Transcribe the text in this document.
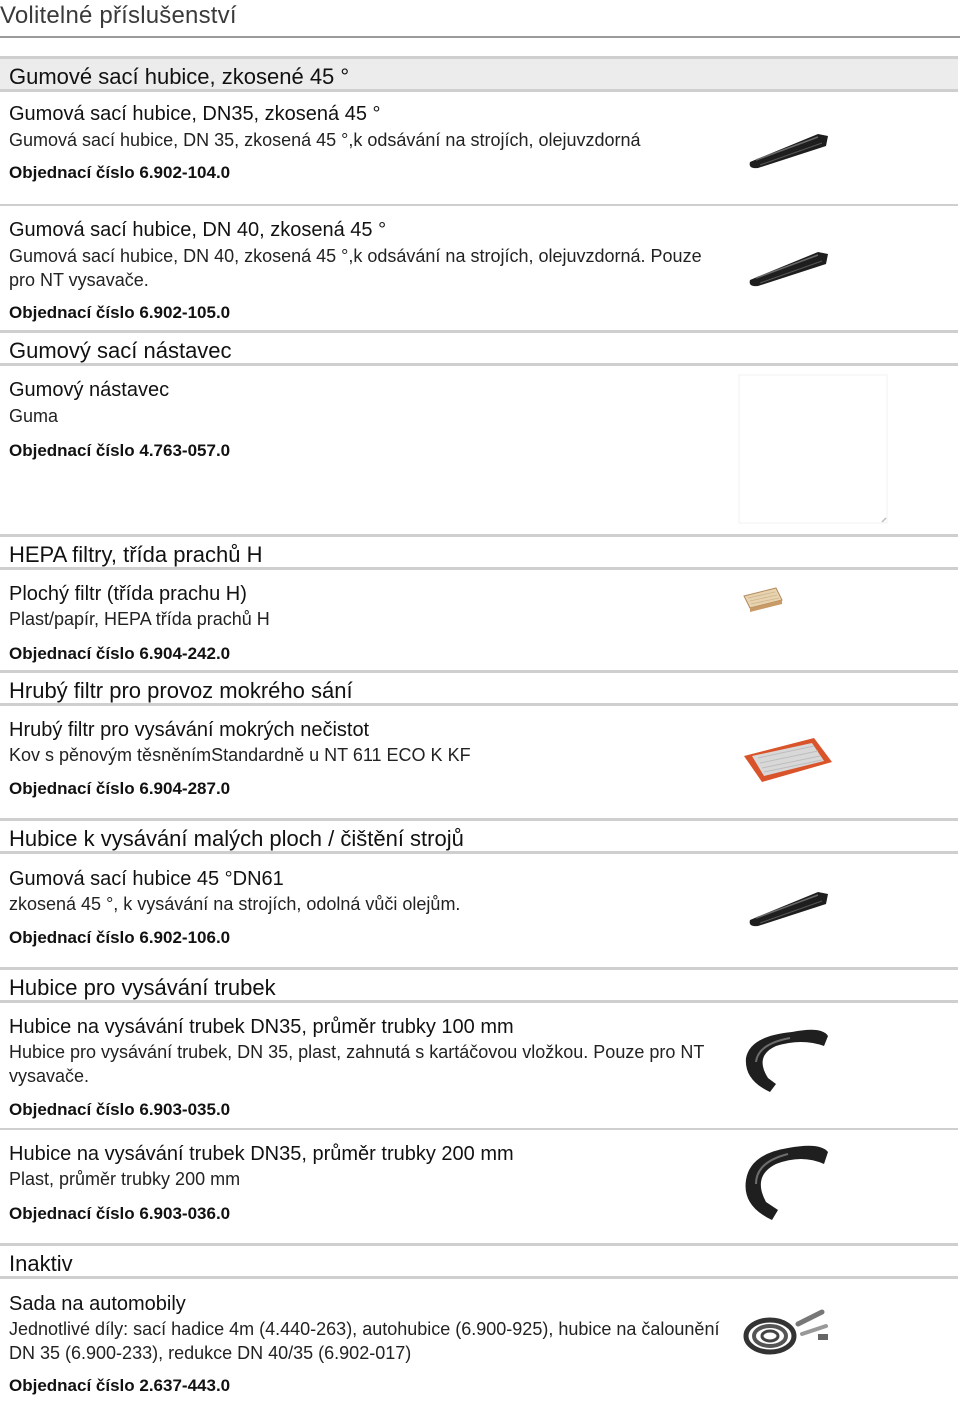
Volitelné příslušenství
Gumové sací hubice, zkosené 45 °
Gumová sací hubice, DN35, zkosená 45 °
Gumová sací hubice, DN 35, zkosená 45 °,k odsávání na strojích, olejuvzdorná
Objednací číslo 6.902-104.0
Gumová sací hubice, DN 40, zkosená 45 °
Gumová sací hubice, DN 40, zkosená 45 °,k odsávání na strojích, olejuvzdorná. Pouze pro NT vysavače.
Objednací číslo 6.902-105.0
Gumový sací nástavec
Gumový nástavec
Guma
Objednací číslo 4.763-057.0
HEPA filtry, třída prachů H
Plochý filtr (třída prachu H)
Plast/papír, HEPA třída prachů H
Objednací číslo 6.904-242.0
Hrubý filtr pro provoz mokrého sání
Hrubý filtr pro vysávání mokrých nečistot
Kov s pěnovým těsněnímStandardně u NT 611 ECO K KF
Objednací číslo 6.904-287.0
Hubice k vysávání malých ploch / čištění strojů
Gumová sací hubice 45 °DN61
zkosená 45 °, k vysávání na strojích, odolná vůči olejům.
Objednací číslo 6.902-106.0
Hubice pro vysávání trubek
Hubice na vysávání trubek DN35, průměr trubky 100 mm
Hubice pro vysávání trubek, DN 35, plast, zahnutá s kartáčovou vložkou. Pouze pro NT vysavače.
Objednací číslo 6.903-035.0
Hubice na vysávání trubek DN35, průměr trubky 200 mm
Plast, průměr trubky 200 mm
Objednací číslo 6.903-036.0
Inaktiv
Sada na automobily
Jednotlivé díly: sací hadice 4m (4.440-263), autohubice (6.900-925), hubice na čalounění DN 35 (6.900-233), redukce DN 40/35 (6.902-017)
Objednací číslo 2.637-443.0
